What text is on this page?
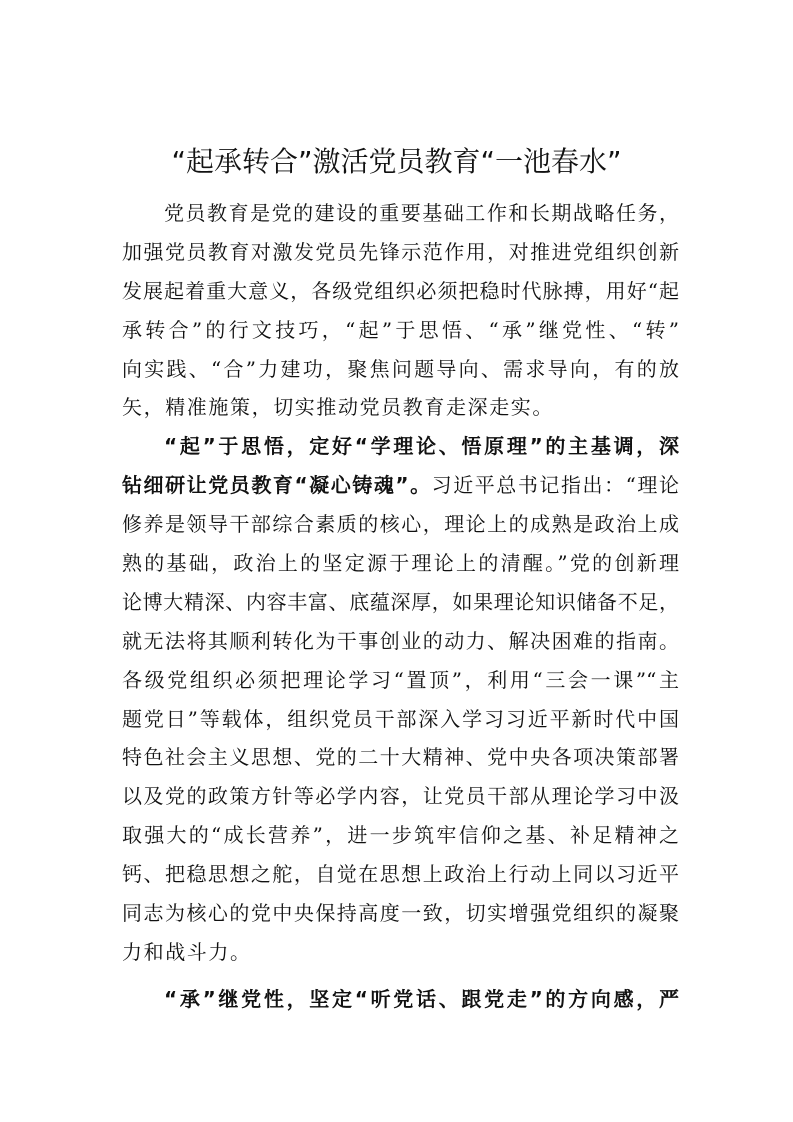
“起承转合”激活党员教育“一池春水”
党员教育是党的建设的重要基础工作和长期战略任务，
加强党员教育对激发党员先锋示范作用，对推进党组织创新
发展起着重大意义，各级党组织必须把稳时代脉搏，用好“起
承转合”的行文技巧，“起”于思悟、“承”继党性、“转”
向实践、“合”力建功，聚焦问题导向、需求导向，有的放
矢，精准施策，切实推动党员教育走深走实。
“起”于思悟，定好“学理论、悟原理”的主基调，深
钻细研让党员教育“凝心铸魂”。习近平总书记指出：“理论
修养是领导干部综合素质的核心，理论上的成熟是政治上成
熟的基础，政治上的坚定源于理论上的清醒。”党的创新理
论博大精深、内容丰富、底蕴深厚，如果理论知识储备不足，
就无法将其顺利转化为干事创业的动力、解决困难的指南。
各级党组织必须把理论学习“置顶”，利用“三会一课”“主
题党日”等载体，组织党员干部深入学习习近平新时代中国
特色社会主义思想、党的二十大精神、党中央各项决策部署
以及党的政策方针等必学内容，让党员干部从理论学习中汲
取强大的“成长营养”，进一步筑牢信仰之基、补足精神之
钙、把稳思想之舵，自觉在思想上政治上行动上同以习近平
同志为核心的党中央保持高度一致，切实增强党组织的凝聚
力和战斗力。
“承”继党性，坚定“听党话、跟党走”的方向感，严
